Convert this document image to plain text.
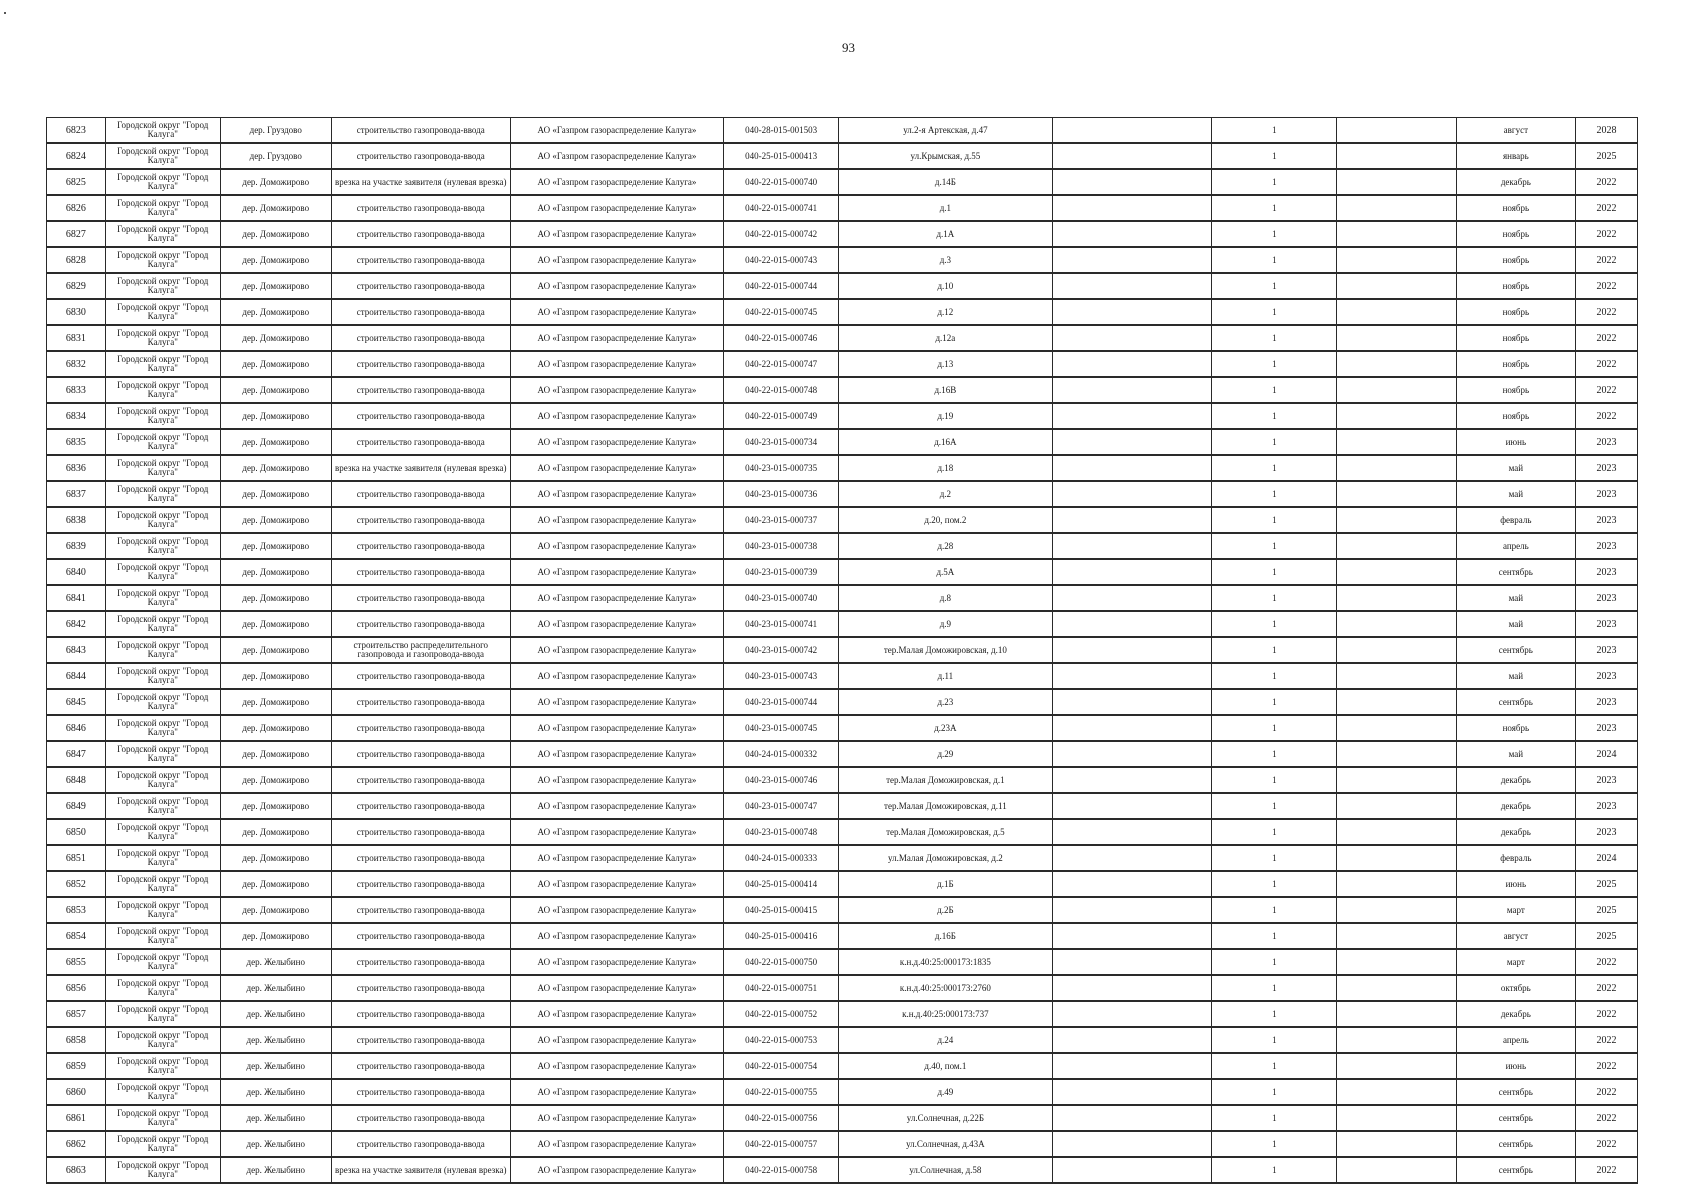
93
6823	Городской округ "Город Калуга"	дер. Груздово	строительство газопровода-ввода	АО «Газпром газораспределение Калуга»	040-28-015-001503	ул.2-я Артекская, д.47		1		август	2028
6824	Городской округ "Город Калуга"	дер. Груздово	строительство газопровода-ввода	АО «Газпром газораспределение Калуга»	040-25-015-000413	ул.Крымская, д.55		1		январь	2025
6825	Городской округ "Город Калуга"	дер. Доможирово	врезка на участке заявителя (нулевая врезка)	АО «Газпром газораспределение Калуга»	040-22-015-000740	д.14Б		1		декабрь	2022
6826	Городской округ "Город Калуга"	дер. Доможирово	строительство газопровода-ввода	АО «Газпром газораспределение Калуга»	040-22-015-000741	д.1		1		ноябрь	2022
6827	Городской округ "Город Калуга"	дер. Доможирово	строительство газопровода-ввода	АО «Газпром газораспределение Калуга»	040-22-015-000742	д.1А		1		ноябрь	2022
6828	Городской округ "Город Калуга"	дер. Доможирово	строительство газопровода-ввода	АО «Газпром газораспределение Калуга»	040-22-015-000743	д.3		1		ноябрь	2022
6829	Городской округ "Город Калуга"	дер. Доможирово	строительство газопровода-ввода	АО «Газпром газораспределение Калуга»	040-22-015-000744	д.10		1		ноябрь	2022
6830	Городской округ "Город Калуга"	дер. Доможирово	строительство газопровода-ввода	АО «Газпром газораспределение Калуга»	040-22-015-000745	д.12		1		ноябрь	2022
6831	Городской округ "Город Калуга"	дер. Доможирово	строительство газопровода-ввода	АО «Газпром газораспределение Калуга»	040-22-015-000746	д.12а		1		ноябрь	2022
6832	Городской округ "Город Калуга"	дер. Доможирово	строительство газопровода-ввода	АО «Газпром газораспределение Калуга»	040-22-015-000747	д.13		1		ноябрь	2022
6833	Городской округ "Город Калуга"	дер. Доможирово	строительство газопровода-ввода	АО «Газпром газораспределение Калуга»	040-22-015-000748	д.16В		1		ноябрь	2022
6834	Городской округ "Город Калуга"	дер. Доможирово	строительство газопровода-ввода	АО «Газпром газораспределение Калуга»	040-22-015-000749	д.19		1		ноябрь	2022
6835	Городской округ "Город Калуга"	дер. Доможирово	строительство газопровода-ввода	АО «Газпром газораспределение Калуга»	040-23-015-000734	д.16А		1		июнь	2023
6836	Городской округ "Город Калуга"	дер. Доможирово	врезка на участке заявителя (нулевая врезка)	АО «Газпром газораспределение Калуга»	040-23-015-000735	д.18		1		май	2023
6837	Городской округ "Город Калуга"	дер. Доможирово	строительство газопровода-ввода	АО «Газпром газораспределение Калуга»	040-23-015-000736	д.2		1		май	2023
6838	Городской округ "Город Калуга"	дер. Доможирово	строительство газопровода-ввода	АО «Газпром газораспределение Калуга»	040-23-015-000737	д.20, пом.2		1		февраль	2023
6839	Городской округ "Город Калуга"	дер. Доможирово	строительство газопровода-ввода	АО «Газпром газораспределение Калуга»	040-23-015-000738	д.28		1		апрель	2023
6840	Городской округ "Город Калуга"	дер. Доможирово	строительство газопровода-ввода	АО «Газпром газораспределение Калуга»	040-23-015-000739	д.5А		1		сентябрь	2023
6841	Городской округ "Город Калуга"	дер. Доможирово	строительство газопровода-ввода	АО «Газпром газораспределение Калуга»	040-23-015-000740	д.8		1		май	2023
6842	Городской округ "Город Калуга"	дер. Доможирово	строительство газопровода-ввода	АО «Газпром газораспределение Калуга»	040-23-015-000741	д.9		1		май	2023
6843	Городской округ "Город Калуга"	дер. Доможирово	строительство распределительного газопровода и газопровода-ввода	АО «Газпром газораспределение Калуга»	040-23-015-000742	тер.Малая Доможировская, д.10		1		сентябрь	2023
6844	Городской округ "Город Калуга"	дер. Доможирово	строительство газопровода-ввода	АО «Газпром газораспределение Калуга»	040-23-015-000743	д.11		1		май	2023
6845	Городской округ "Город Калуга"	дер. Доможирово	строительство газопровода-ввода	АО «Газпром газораспределение Калуга»	040-23-015-000744	д.23		1		сентябрь	2023
6846	Городской округ "Город Калуга"	дер. Доможирово	строительство газопровода-ввода	АО «Газпром газораспределение Калуга»	040-23-015-000745	д.23А		1		ноябрь	2023
6847	Городской округ "Город Калуга"	дер. Доможирово	строительство газопровода-ввода	АО «Газпром газораспределение Калуга»	040-24-015-000332	д.29		1		май	2024
6848	Городской округ "Город Калуга"	дер. Доможирово	строительство газопровода-ввода	АО «Газпром газораспределение Калуга»	040-23-015-000746	тер.Малая Доможировская, д.1		1		декабрь	2023
6849	Городской округ "Город Калуга"	дер. Доможирово	строительство газопровода-ввода	АО «Газпром газораспределение Калуга»	040-23-015-000747	тер.Малая Доможировская, д.11		1		декабрь	2023
6850	Городской округ "Город Калуга"	дер. Доможирово	строительство газопровода-ввода	АО «Газпром газораспределение Калуга»	040-23-015-000748	тер.Малая Доможировская, д.5		1		декабрь	2023
6851	Городской округ "Город Калуга"	дер. Доможирово	строительство газопровода-ввода	АО «Газпром газораспределение Калуга»	040-24-015-000333	ул.Малая Доможировская, д.2		1		февраль	2024
6852	Городской округ "Город Калуга"	дер. Доможирово	строительство газопровода-ввода	АО «Газпром газораспределение Калуга»	040-25-015-000414	д.1Б		1		июнь	2025
6853	Городской округ "Город Калуга"	дер. Доможирово	строительство газопровода-ввода	АО «Газпром газораспределение Калуга»	040-25-015-000415	д.2Б		1		март	2025
6854	Городской округ "Город Калуга"	дер. Доможирово	строительство газопровода-ввода	АО «Газпром газораспределение Калуга»	040-25-015-000416	д.16Б		1		август	2025
6855	Городской округ "Город Калуга"	дер. Желыбино	строительство газопровода-ввода	АО «Газпром газораспределение Калуга»	040-22-015-000750	к.н.д.40:25:000173:1835		1		март	2022
6856	Городской округ "Город Калуга"	дер. Желыбино	строительство газопровода-ввода	АО «Газпром газораспределение Калуга»	040-22-015-000751	к.н.д.40:25:000173:2760		1		октябрь	2022
6857	Городской округ "Город Калуга"	дер. Желыбино	строительство газопровода-ввода	АО «Газпром газораспределение Калуга»	040-22-015-000752	к.н.д.40:25:000173:737		1		декабрь	2022
6858	Городской округ "Город Калуга"	дер. Желыбино	строительство газопровода-ввода	АО «Газпром газораспределение Калуга»	040-22-015-000753	д.24		1		апрель	2022
6859	Городской округ "Город Калуга"	дер. Желыбино	строительство газопровода-ввода	АО «Газпром газораспределение Калуга»	040-22-015-000754	д.40, пом.1		1		июнь	2022
6860	Городской округ "Город Калуга"	дер. Желыбино	строительство газопровода-ввода	АО «Газпром газораспределение Калуга»	040-22-015-000755	д.49		1		сентябрь	2022
6861	Городской округ "Город Калуга"	дер. Желыбино	строительство газопровода-ввода	АО «Газпром газораспределение Калуга»	040-22-015-000756	ул.Солнечная, д.22Б		1		сентябрь	2022
6862	Городской округ "Город Калуга"	дер. Желыбино	строительство газопровода-ввода	АО «Газпром газораспределение Калуга»	040-22-015-000757	ул.Солнечная, д.43А		1		сентябрь	2022
6863	Городской округ "Город Калуга"	дер. Желыбино	врезка на участке заявителя (нулевая врезка)	АО «Газпром газораспределение Калуга»	040-22-015-000758	ул.Солнечная, д.58		1		сентябрь	2022
